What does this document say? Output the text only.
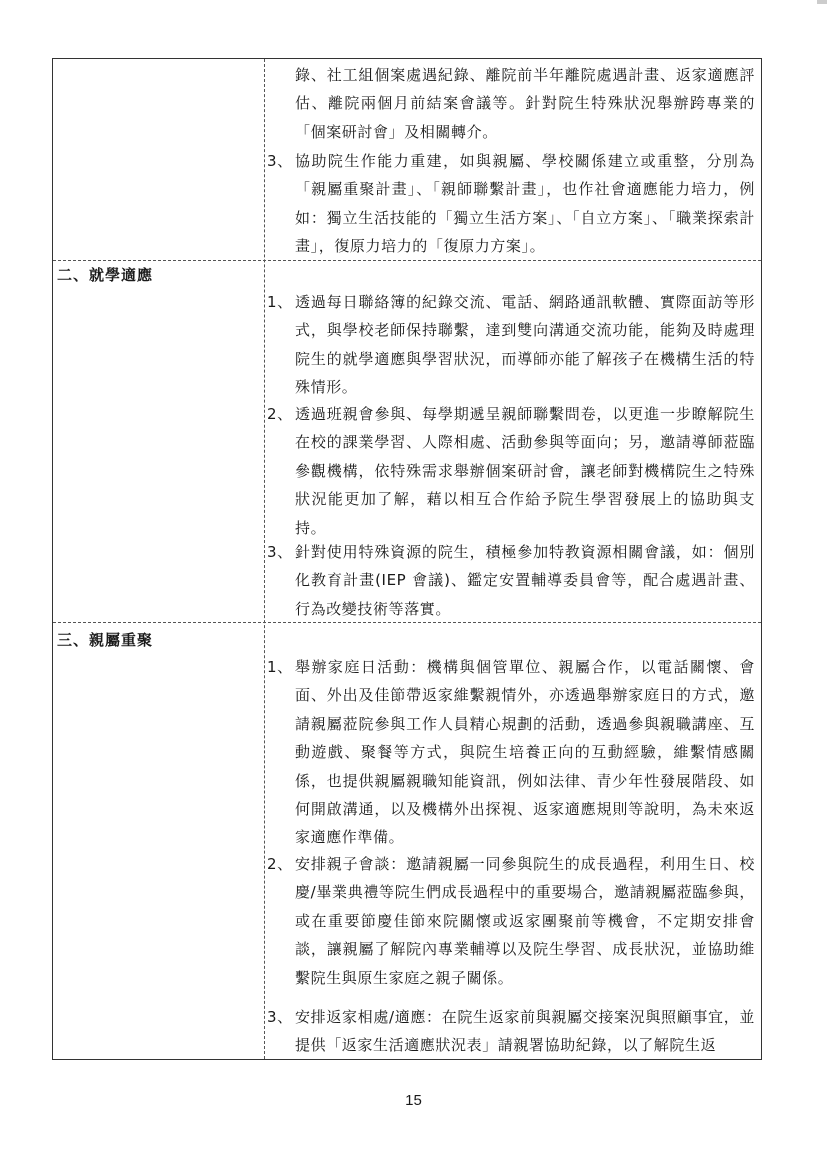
錄、社工組個案處遇紀錄、離院前半年離院處遇計畫、返家適應評估、離院兩個月前結案會議等。針對院生特殊狀況舉辦跨專業的「個案研討會」及相關轉介。
3、 協助院生作能力重建，如與親屬、學校關係建立或重整，分別為「親屬重聚計畫」、「親師聯繫計畫」，也作社會適應能力培力，例如：獨立生活技能的「獨立生活方案」、「自立方案」、「職業探索計畫」，復原力培力的「復原力方案」。
二、就學適應
1、 透過每日聯絡簿的紀錄交流、電話、網路通訊軟體、實際面訪等形式，與學校老師保持聯繫，達到雙向溝通交流功能，能夠及時處理院生的就學適應與學習狀況，而導師亦能了解孩子在機構生活的特殊情形。
2、 透過班親會參與、每學期遞呈親師聯繫問卷，以更進一步瞭解院生在校的課業學習、人際相處、活動參與等面向；另，邀請導師蒞臨參觀機構，依特殊需求舉辦個案研討會，讓老師對機構院生之特殊狀況能更加了解，藉以相互合作給予院生學習發展上的協助與支持。
3、 針對使用特殊資源的院生，積極參加特教資源相關會議，如：個別化教育計畫(IEP 會議)、鑑定安置輔導委員會等，配合處遇計畫、行為改變技術等落實。
三、親屬重聚
1、 舉辦家庭日活動：機構與個管單位、親屬合作，以電話關懷、會面、外出及佳節帶返家維繫親情外，亦透過舉辦家庭日的方式，邀請親屬蒞院參與工作人員精心規劃的活動，透過參與親職講座、互動遊戲、聚餐等方式，與院生培養正向的互動經驗，維繫情感關係，也提供親屬親職知能資訊，例如法律、青少年性發展階段、如何開啟溝通，以及機構外出探視、返家適應規則等說明，為未來返家適應作準備。
2、 安排親子會談：邀請親屬一同參與院生的成長過程，利用生日、校慶/畢業典禮等院生們成長過程中的重要場合，邀請親屬蒞臨參與，或在重要節慶佳節來院關懷或返家團聚前等機會，不定期安排會談，讓親屬了解院內專業輔導以及院生學習、成長狀況，並協助維繫院生與原生家庭之親子關係。
3、 安排返家相處/適應：在院生返家前與親屬交接案況與照顧事宜，並提供「返家生活適應狀況表」請親署協助紀錄，以了解院生返
15
